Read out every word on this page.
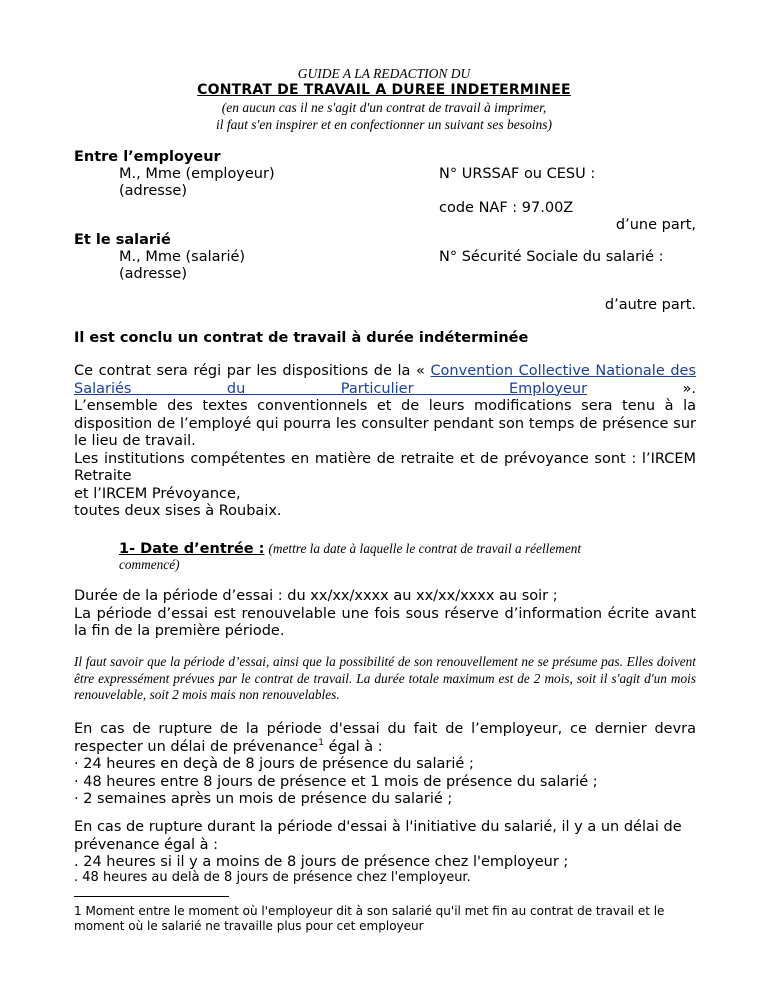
GUIDE A LA REDACTION DU
CONTRAT DE TRAVAIL A DUREE INDETERMINEE
(en aucun cas il ne s'agit d'un contrat de travail à imprimer,
il faut s'en inspirer et en confectionner un suivant ses besoins)
Entre l’employeur
M., Mme (employeur)
(adresse)
N° URSSAF ou CESU :
code NAF : 97.00Z
d’une part,
Et le salarié
M., Mme (salarié)
(adresse)
N° Sécurité Sociale du salarié :
d’autre part.
Il est conclu un contrat de travail à durée indéterminée
Ce contrat sera régi par les dispositions de la « Convention Collective Nationale des Salariés du Particulier Employeur ».
L’ensemble des textes conventionnels et de leurs modifications sera tenu à la disposition de l’employé qui pourra les consulter pendant son temps de présence sur le lieu de travail.
Les institutions compétentes en matière de retraite et de prévoyance sont : l’IRCEM Retraite
et l’IRCEM Prévoyance,
toutes deux sises à Roubaix.
1- Date d’entrée : (mettre la date à laquelle le contrat de travail a réellement
commencé)
Durée de la période d’essai : du xx/xx/xxxx au xx/xx/xxxx au soir ;
La période d’essai est renouvelable une fois sous réserve d’information écrite avant la fin de la première période.
Il faut savoir que la période d’essai, ainsi que la possibilité de son renouvellement ne se présume pas. Elles doivent être expressément prévues par le contrat de travail. La durée totale maximum est de 2 mois, soit il s'agit d'un mois renouvelable, soit 2 mois mais non renouvelables.
En cas de rupture de la période d'essai du fait de l’employeur, ce dernier devra respecter un délai de prévenance$^1$ égal à :
· 24 heures en deçà de 8 jours de présence du salarié ;
· 48 heures entre 8 jours de présence et 1 mois de présence du salarié ;
· 2 semaines après un mois de présence du salarié ;
En cas de rupture durant la période d'essai à l'initiative du salarié, il y a un délai de prévenance égal à :
. 24 heures si il y a moins de 8 jours de présence chez l'employeur ;
. 48 heures au delà de 8 jours de présence chez l'employeur.
1 Moment entre le moment où l'employeur dit à son salarié qu'il met fin au contrat de travail et le moment où le salarié ne travaille plus pour cet employeur
